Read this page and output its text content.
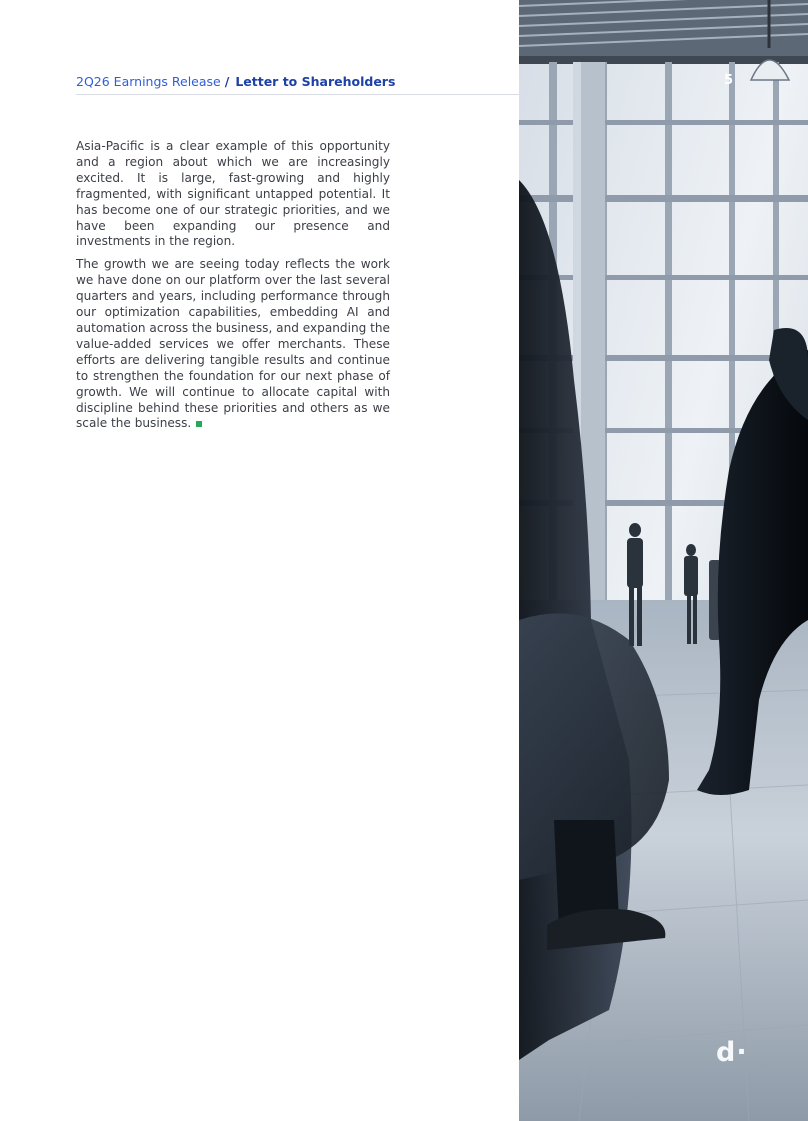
2Q26 Earnings Release / Letter to Shareholders

Asia-Pacific is a clear example of this opportunity and a region about which we are increasingly excited. It is large, fast-growing and highly fragmented, with significant untapped potential. It has become one of our strategic priorities, and we have been expanding our presence and investments in the region.

The growth we are seeing today reflects the work we have done on our platform over the last several quarters and years, including performance through our optimization capabilities, embedding AI and automation across the business, and expanding the value-added services we offer merchants. These efforts are delivering tangible results and continue to strengthen the foundation for our next phase of growth. We will continue to allocate capital with discipline behind these priorities and others as we scale the business.

5
d·
